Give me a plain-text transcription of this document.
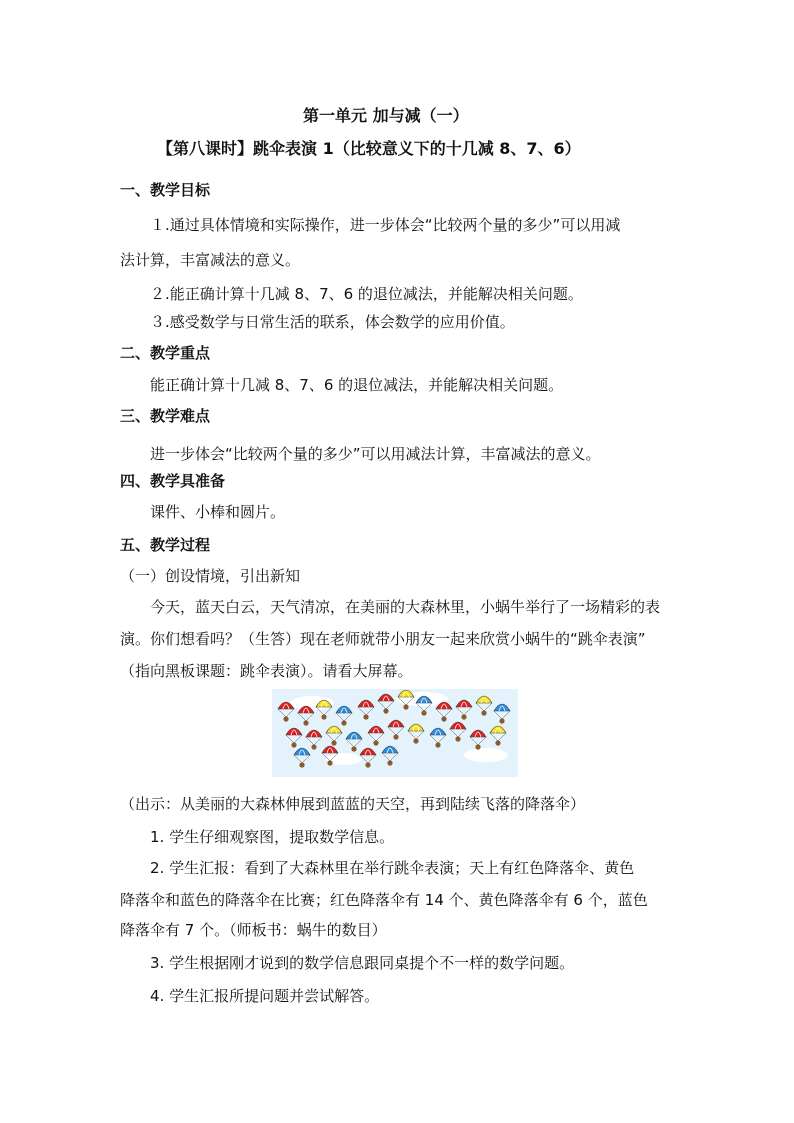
第一单元 加与减（一）
【第八课时】跳伞表演 1（比较意义下的十几减 8、7、6）
一、教学目标
１.通过具体情境和实际操作，进一步体会“比较两个量的多少”可以用减
法计算，丰富减法的意义。
２.能正确计算十几减 8、7、6 的退位减法，并能解决相关问题。
３.感受数学与日常生活的联系，体会数学的应用价值。
二、教学重点
能正确计算十几减 8、7、6 的退位减法，并能解决相关问题。
三、教学难点
进一步体会“比较两个量的多少”可以用减法计算，丰富减法的意义。
四、教学具准备
课件、小棒和圆片。
五、教学过程
（一）创设情境，引出新知
今天，蓝天白云，天气清凉，在美丽的大森林里，小蜗牛举行了一场精彩的表
演。你们想看吗？（生答）现在老师就带小朋友一起来欣赏小蜗牛的“跳伞表演”
（指向黑板课题：跳伞表演）。请看大屏幕。
（出示：从美丽的大森林伸展到蓝蓝的天空，再到陆续飞落的降落伞）
1. 学生仔细观察图，提取数学信息。
2. 学生汇报：看到了大森林里在举行跳伞表演；天上有红色降落伞、黄色
降落伞和蓝色的降落伞在比赛；红色降落伞有 14 个、黄色降落伞有 6 个，蓝色
降落伞有 7 个。（师板书：蜗牛的数目）
3. 学生根据刚才说到的数学信息跟同桌提个不一样的数学问题。
4. 学生汇报所提问题并尝试解答。
